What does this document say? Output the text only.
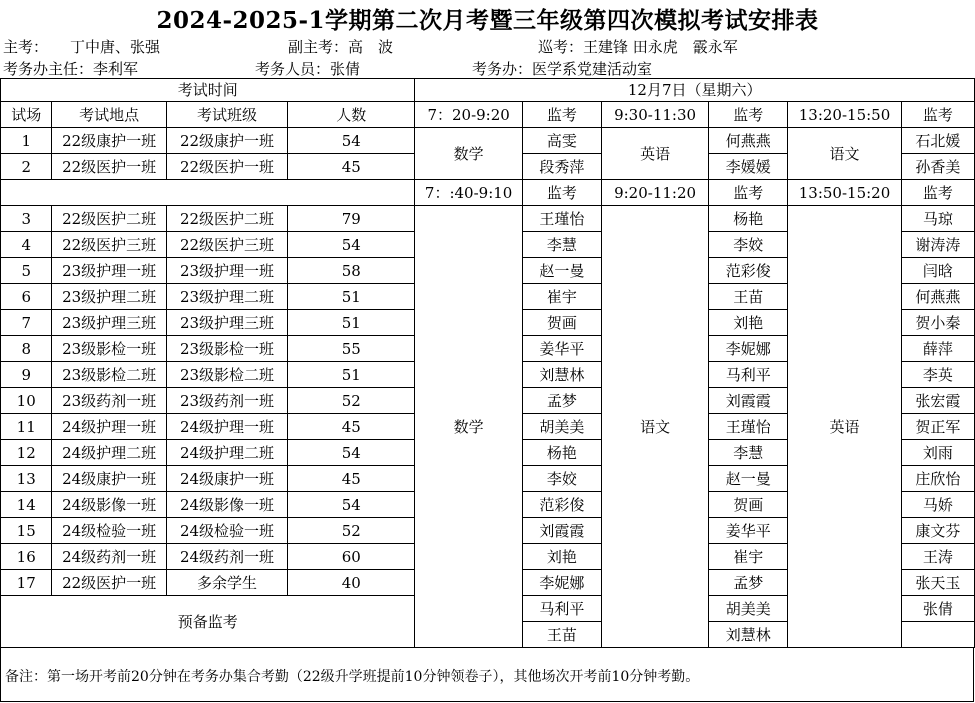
2024-2025-1学期第二次月考暨三年级第四次模拟考试安排表
主考： 丁中唐、张强	副主考：高　波	巡考：王建锋 田永虎　霰永军
考务办主任：李利军	考务人员：张倩	考务办：医学系党建活动室
考试时间				12月7日（星期六）					
试场	考试地点	考试班级	人数	7：20-9:20	监考	9:30-11:30	监考	13:20-15:50	监考
1	22级康护一班	22级康护一班	54	数学	高雯	英语	何燕燕	语文	石北媛
2	22级医护一班	22级医护一班	45		段秀萍		李媛媛		孙香美
				7：:40-9:10	监考	9:20-11:20	监考	13:50-15:20	监考
3	22级医护二班	22级医护二班	79	数学	王瑾怡	语文	杨艳	英语	马琼
4	22级医护三班	22级医护三班	54		李慧		李姣		谢涛涛
5	23级护理一班	23级护理一班	58		赵一曼		范彩俊		闫晗
6	23级护理二班	23级护理二班	51		崔宇		王苗		何燕燕
7	23级护理三班	23级护理三班	51		贺画		刘艳		贺小秦
8	23级影检一班	23级影检一班	55		姜华平		李妮娜		薛萍
9	23级影检二班	23级影检二班	51		刘慧林		马利平		李英
10	23级药剂一班	23级药剂一班	52		孟梦		刘霞霞		张宏霞
11	24级护理一班	24级护理一班	45		胡美美		王瑾怡		贺正军
12	24级护理二班	24级护理二班	54		杨艳		李慧		刘雨
13	24级康护一班	24级康护一班	45		李姣		赵一曼		庄欣怡
14	24级影像一班	24级影像一班	54		范彩俊		贺画		马娇
15	24级检验一班	24级检验一班	52		刘霞霞		姜华平		康文芬
16	24级药剂一班	24级药剂一班	60		刘艳		崔宇		王涛
17	22级医护一班	多余学生	40		李妮娜		孟梦		张天玉
预备监考					马利平		胡美美		张倩
					王苗		刘慧林		
备注：第一场开考前20分钟在考务办集合考勤（22级升学班提前10分钟领卷子），其他场次开考前10分钟考勤。
